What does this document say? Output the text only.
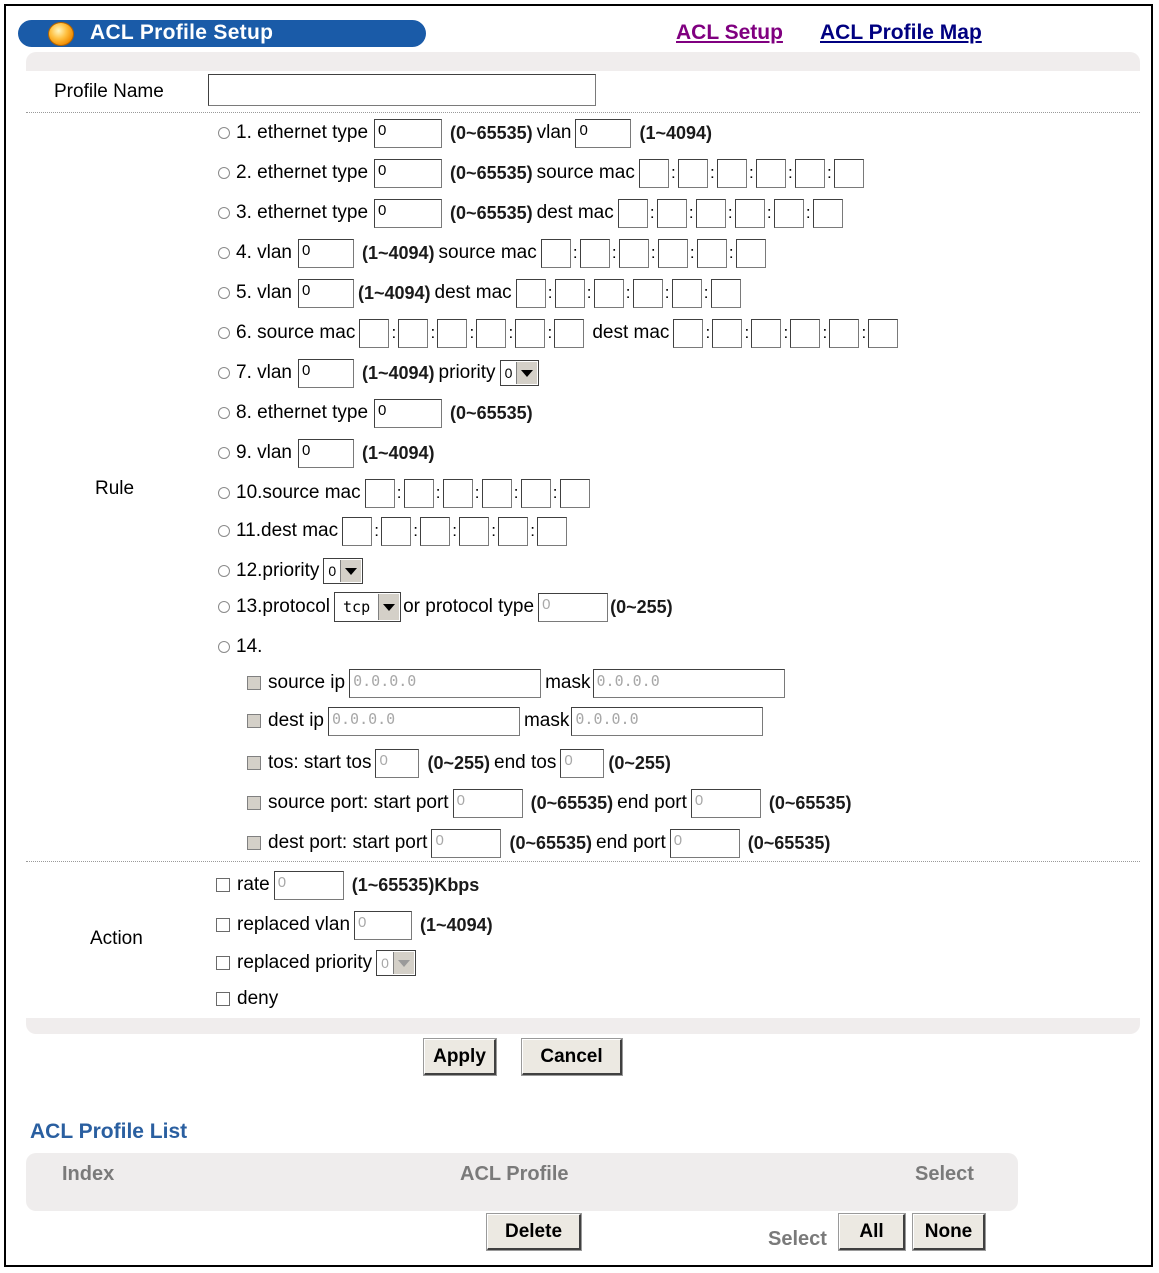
ACL Profile Setup	ACL Setup ACL Profile Map
Profile Name
Rule
1. ethernet type 0	(0~65535) vlan 0	(1~4094)
2. ethernet type 0	(0~65535) source mac : : : : :
3. ethernet type 0	(0~65535) dest mac : : : : :
4. vlan 0	(1~4094) source mac : : : : :
5. vlan 0	(1~4094) dest mac : : : : :
6. source mac : : : : : dest mac : : : : :
7. vlan 0	(1~4094) priority 0
8. ethernet type 0	(0~65535)
9. vlan 0	(1~4094)
10.source mac : : : : :
11.dest mac : : : : :
12.priority 0
13.protocol tcp	or protocol type 0	(0~255)
14.
source ip 0.0.0.0	mask 0.0.0.0
dest ip 0.0.0.0	mask 0.0.0.0
tos: start tos 0	(0~255) end tos 0	(0~255)
source port: start port 0	(0~65535) end port 0	(0~65535)
dest port: start port 0	(0~65535) end port 0	(0~65535)
Action
rate 0	(1~65535)Kbps
replaced vlan 0	(1~4094)
replaced priority 0
deny
Apply	Cancel
ACL Profile List
Index	ACL Profile	Select
Delete	Select	All	None
